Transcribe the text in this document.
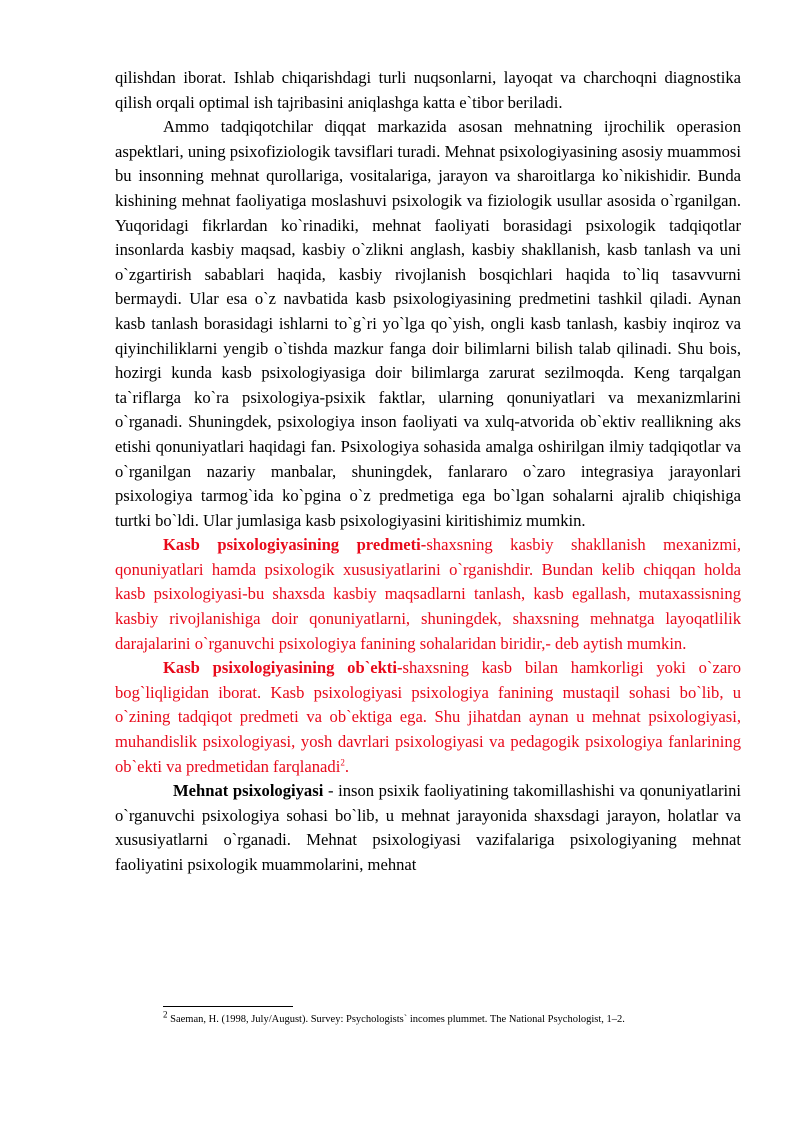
qilishdan iborat. Ishlab chiqarishdagi turli nuqsonlarni, layoqat va charchoqni diagnostika qilish orqali optimal ish tajribasini aniqlashga katta e`tibor beriladi.

Ammo tadqiqotchilar diqqat markazida asosan mehnatning ijrochilik operasion aspektlari, uning psixofiziologik tavsiflari turadi. Mehnat psixologiyasining asosiy muammosi bu insonning mehnat qurollariga, vositalariga, jarayon va sharoitlarga ko`nikishidir. Bunda kishining mehnat faoliyatiga moslashuvi psixologik va fiziologik usullar asosida o`rganilgan. Yuqoridagi fikrlardan ko`rinadiki, mehnat faoliyati borasidagi psixologik tadqiqotlar insonlarda kasbiy maqsad, kasbiy o`zlikni anglash, kasbiy shakllanish, kasb tanlash va uni o`zgartirish sabablari haqida, kasbiy rivojlanish bosqichlari haqida to`liq tasavvurni bermaydi. Ular esa o`z navbatida kasb psixologiyasining predmetini tashkil qiladi. Aynan kasb tanlash borasidagi ishlarni to`g`ri yo`lga qo`yish, ongli kasb tanlash, kasbiy inqiroz va qiyinchiliklarni yengib o`tishda mazkur fanga doir bilimlarni bilish talab qilinadi. Shu bois, hozirgi kunda kasb psixologiyasiga doir bilimlarga zarurat sezilmoqda. Keng tarqalgan ta`riflarga ko`ra psixologiya-psixik faktlar, ularning qonuniyatlari va mexanizmlarini o`rganadi. Shuningdek, psixologiya inson faoliyati va xulq-atvorida ob`ektiv reallikning aks etishi qonuniyatlari haqidagi fan. Psixologiya sohasida amalga oshirilgan ilmiy tadqiqotlar va o`rganilgan nazariy manbalar, shuningdek, fanlararo o`zaro integrasiya jarayonlari psixologiya tarmog`ida ko`pgina o`z predmetiga ega bo`lgan sohalarni ajralib chiqishiga turtki bo`ldi. Ular jumlasiga kasb psixologiyasini kiritishimiz mumkin.

Kasb psixologiyasining predmeti-shaxsning kasbiy shakllanish mexanizmi, qonuniyatlari hamda psixologik xususiyatlarini o`rganishdir. Bundan kelib chiqqan holda kasb psixologiyasi-bu shaxsda kasbiy maqsadlarni tanlash, kasb egallash, mutaxassisning kasbiy rivojlanishiga doir qonuniyatlarni, shuningdek, shaxsning mehnatga layoqatlilik darajalarini o`rganuvchi psixologiya fanining sohalaridan biridir,- deb aytish mumkin.

Kasb psixologiyasining ob`ekti-shaxsning kasb bilan hamkorligi yoki o`zaro bog`liqligidan iborat. Kasb psixologiyasi psixologiya fanining mustaqil sohasi bo`lib, u o`zining tadqiqot predmeti va ob`ektiga ega. Shu jihatdan aynan u mehnat psixologiyasi, muhandislik psixologiyasi, yosh davrlari psixologiyasi va pedagogik psixologiya fanlarining ob`ekti va predmetidan farqlanadi$^2$.

Mehnat psixologiyasi - inson psixik faoliyatining takomillashishi va qonuniyatlarini o`rganuvchi psixologiya sohasi bo`lib, u mehnat jarayonida shaxsdagi jarayon, holatlar va xususiyatlarni o`rganadi. Mehnat psixologiyasi vazifalariga psixologiyaning mehnat faoliyatini psixologik muammolarini, mehnat

$^2$ Saeman, H. (1998, July/August). Survey: Psychologists` incomes plummet. The National Psychologist, 1–2.
